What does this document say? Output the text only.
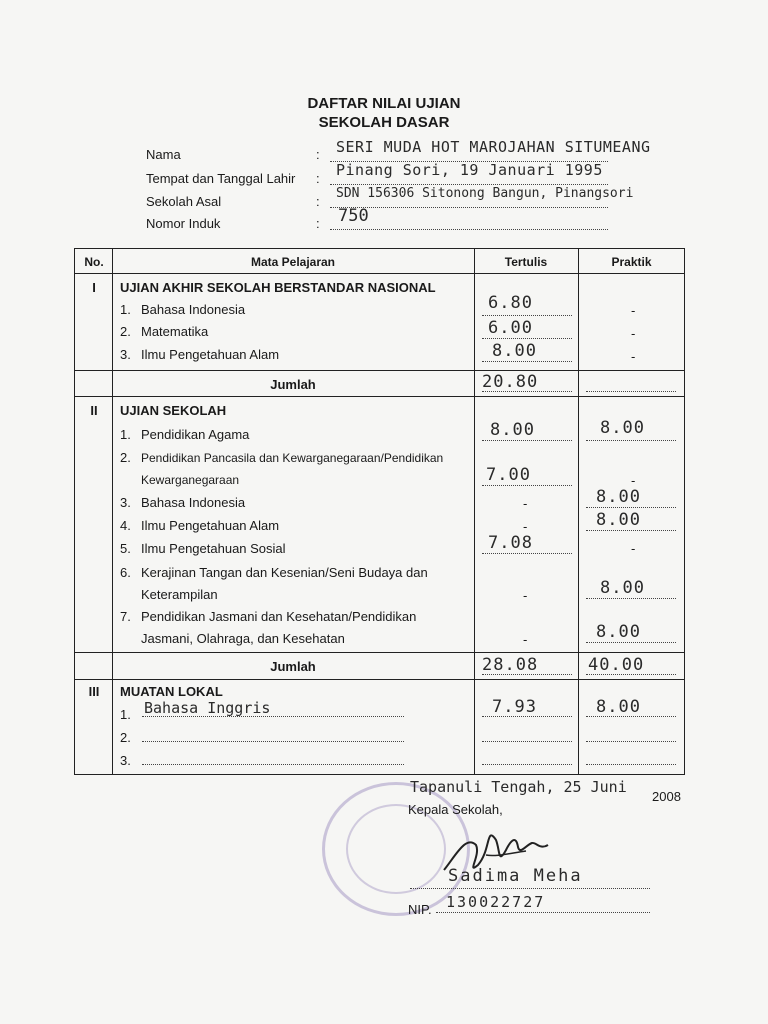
DAFTAR NILAI UJIAN
SEKOLAH DASAR
Nama	: SERI MUDA HOT MAROJAHAN SITUMEANG
Tempat dan Tanggal Lahir : Pinang Sori, 19 Januari 1995
Sekolah Asal	:
SDN 156306 Sitonong Bangun, Pinangsori
Nomor Induk	: 750
No.	Mata Pelajaran	Tertulis	Praktik
I	UJIAN AKHIR SEKOLAH BERSTANDAR NASIONAL
1. Bahasa Indonesia	6.80	-
2. Matematika	6.00	-
3. Ilmu Pengetahuan Alam	8.00	-
Jumlah	20.80
II	UJIAN SEKOLAH
1. Pendidikan Agama	8.00	8.00
2. Pendidikan Pancasila dan Kewarganegaraan/Pendidikan
Kewarganegaraan	7.00	-
3. Bahasa Indonesia	-	8.00
4. Ilmu Pengetahuan Alam	-	8.00
5. Ilmu Pengetahuan Sosial	7.08	-
6. Kerajinan Tangan dan Kesenian/Seni Budaya dan
Keterampilan	-	8.00
7. Pendidikan Jasmani dan Kesehatan/Pendidikan
Jasmani, Olahraga, dan Kesehatan	-	8.00
Jumlah	28.08	40.00
III	MUATAN LOKAL
1. Bahasa Inggris	7.93	8.00
2.
3.
Tapanuli Tengah, 25 Juni
2008
Kepala Sekolah,
Sadima Meha
NIP. 130022727
